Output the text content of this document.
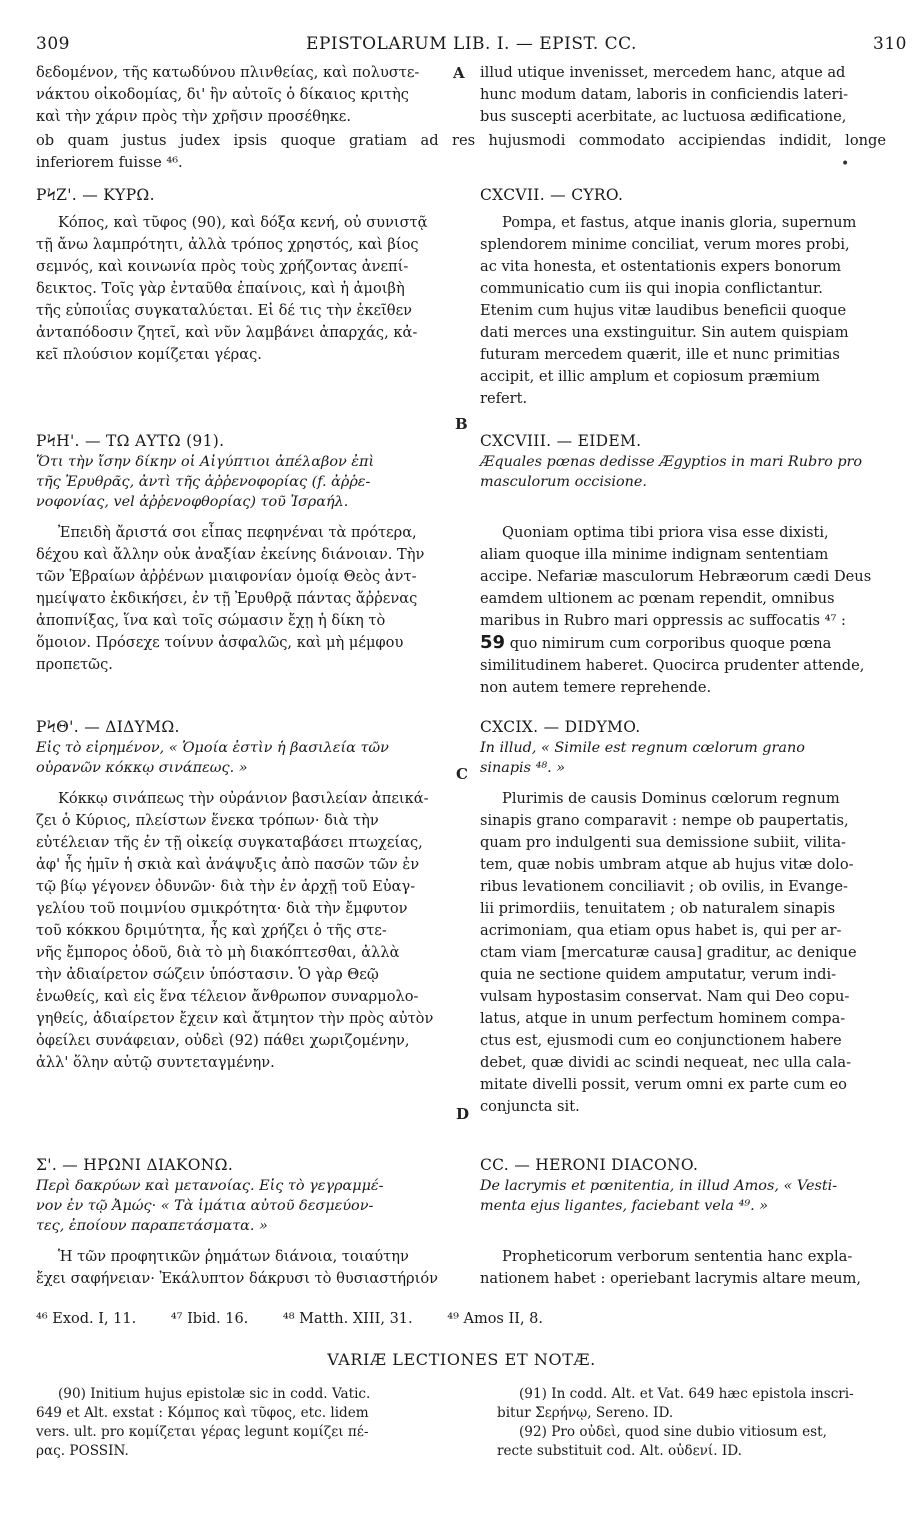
309	EPISTOLARUM LIB. I. — EPIST. CC.	310
A
B
C
D

δεδομένον, τῆς κατωδύνου πλινθείας, καὶ πολυστε-

νάκτου οἰκοδομίας, δι' ἣν αὐτοῖς ὁ δίκαιος κριτὴς

καὶ τὴν χάριν πρὸς τὴν χρῆσιν προσέθηκε.

illud utique invenisset, mercedem hanc, atque ad

hunc modum datam, laboris in conficiendis lateri-

bus suscepti acerbitate, ac luctuosa ædificatione,

ob quam justus judex ipsis quoque gratiam ad res hujusmodi commodato accipiendas indidit, longe
inferiorem fuisse ⁴⁶.	•

ΡϞΖ'. — ΚΥΡΩ.

Κόπος, καὶ τῦφος (90), καὶ δόξα κενή, οὐ συνιστᾷ

τῇ ἄνω λαμπρότητι, ἀλλὰ τρόπος χρηστός, καὶ βίος

σεμνός, καὶ κοινωνία πρὸς τοὺς χρήζοντας ἀνεπί-

δεικτος. Τοῖς γὰρ ἐνταῦθα ἐπαίνοις, καὶ ἡ ἀμοιβὴ

τῆς εὐποιΐας συγκαταλύεται. Εἰ δέ τις τὴν ἐκεῖθεν

ἀνταπόδοσιν ζητεῖ, καὶ νῦν λαμβάνει ἀπαρχάς, κἀ-

κεῖ πλούσιον κομίζεται γέρας.

CXCVII. — CYRO.

Pompa, et fastus, atque inanis gloria, supernum

splendorem minime conciliat, verum mores probi,

ac vita honesta, et ostentationis expers bonorum

communicatio cum iis qui inopia conflictantur.

Etenim cum hujus vitæ laudibus beneficii quoque

dati merces una exstinguitur. Sin autem quispiam

futuram mercedem quærit, ille et nunc primitias

accipit, et illic amplum et copiosum præmium

refert.

ΡϞΗ'. — ΤΩ ΑΥΤΩ (91).

Ὅτι τὴν ἴσην δίκην οἱ Αἰγύπτιοι ἀπέλαβον ἐπὶ

τῆς Ἐρυθρᾶς, ἀντὶ τῆς ἀῤῥενοφορίας (f. ἀῤῥε-

νοφονίας, vel ἀῤῥενοφθορίας) τοῦ Ἰσραήλ.

Ἐπειδὴ ἄριστά σοι εἶπας πεφηνέναι τὰ πρότερα,

δέχου καὶ ἄλλην οὐκ ἀναξίαν ἐκείνης διάνοιαν. Τὴν

τῶν Ἑβραίων ἀῤῥένων μιαιφονίαν ὁμοίᾳ Θεὸς ἀντ-

ημείψατο ἐκδικήσει, ἐν τῇ Ἐρυθρᾷ πάντας ἄῤῥενας

ἀποπνίξας, ἵνα καὶ τοῖς σώμασιν ἔχῃ ἡ δίκη τὸ

ὅμοιον. Πρόσεχε τοίνυν ἀσφαλῶς, καὶ μὴ μέμφου

προπετῶς.

CXCVIII. — EIDEM.

Æquales pœnas dedisse Ægyptios in mari Rubro pro

masculorum occisione.

Quoniam optima tibi priora visa esse dixisti,

aliam quoque illa minime indignam sententiam

accipe. Nefariæ masculorum Hebræorum cædi Deus

eamdem ultionem ac pœnam rependit, omnibus

maribus in Rubro mari oppressis ac suffocatis ⁴⁷ :

59 quo nimirum cum corporibus quoque pœna

similitudinem haberet. Quocirca prudenter attende,

non autem temere reprehende.

ΡϞΘ'. — ΔΙΔΥΜΩ.

Εἰς τὸ εἰρημένον, « Ὁμοία ἐστὶν ἡ βασιλεία τῶν

οὐρανῶν κόκκῳ σινάπεως. »

Κόκκῳ σινάπεως τὴν οὐράνιον βασιλείαν ἀπεικά-

ζει ὁ Κύριος, πλείστων ἕνεκα τρόπων· διὰ τὴν

εὐτέλειαν τῆς ἐν τῇ οἰκείᾳ συγκαταβάσει πτωχείας,

ἀφ' ἧς ἡμῖν ἡ σκιὰ καὶ ἀνάψυξις ἀπὸ πασῶν τῶν ἐν

τῷ βίῳ γέγονεν ὀδυνῶν· διὰ τὴν ἐν ἀρχῇ τοῦ Εὐαγ-

γελίου τοῦ ποιμνίου σμικρότητα· διὰ τὴν ἔμφυτον

τοῦ κόκκου δριμύτητα, ἧς καὶ χρήζει ὁ τῆς στε-

νῆς ἔμπορος ὁδοῦ, διὰ τὸ μὴ διακόπτεσθαι, ἀλλὰ

τὴν ἀδιαίρετον σώζειν ὑπόστασιν. Ὁ γὰρ Θεῷ

ἑνωθείς, καὶ εἰς ἕνα τέλειον ἄνθρωπον συναρμολο-

γηθείς, ἀδιαίρετον ἔχειν καὶ ἄτμητον τὴν πρὸς αὐτὸν

ὀφείλει συνάφειαν, οὐδεὶ (92) πάθει χωριζομένην,

ἀλλ' ὅλην αὐτῷ συντεταγμένην.

CXCIX. — DIDYMO.

In illud, « Simile est regnum cœlorum grano

sinapis ⁴⁸. »

Plurimis de causis Dominus cœlorum regnum

sinapis grano comparavit : nempe ob paupertatis,

quam pro indulgenti sua demissione subiit, vilita-

tem, quæ nobis umbram atque ab hujus vitæ dolo-

ribus levationem conciliavit ; ob ovilis, in Evange-

lii primordiis, tenuitatem ; ob naturalem sinapis

acrimoniam, qua etiam opus habet is, qui per ar-

ctam viam [mercaturæ causa] graditur, ac denique

quia ne sectione quidem amputatur, verum indi-

vulsam hypostasim conservat. Nam qui Deo copu-

latus, atque in unum perfectum hominem compa-

ctus est, ejusmodi cum eo conjunctionem habere

debet, quæ dividi ac scindi nequeat, nec ulla cala-

mitate divelli possit, verum omni ex parte cum eo

conjuncta sit.

Σ'. — ΗΡΩΝΙ ΔΙΑΚΟΝΩ.

Περὶ δακρύων καὶ μετανοίας. Εἰς τὸ γεγραμμέ-

νον ἐν τῷ Ἀμώς· « Τὰ ἱμάτια αὐτοῦ δεσμεύον-

τες, ἐποίουν παραπετάσματα. »

Ἡ τῶν προφητικῶν ῥημάτων διάνοια, τοιαύτην

ἔχει σαφήνειαν· Ἐκάλυπτον δάκρυσι τὸ θυσιαστήριόν

CC. — HERONI DIACONO.

De lacrymis et pœnitentia, in illud Amos, « Vesti-

menta ejus ligantes, faciebant vela ⁴⁹. »

Propheticorum verborum sententia hanc expla-

nationem habet : operiebant lacrymis altare meum,

⁴⁶ Exod. I, 11. ⁴⁷ Ibid. 16. ⁴⁸ Matth. XIII, 31. ⁴⁹ Amos II, 8.
VARIÆ LECTIONES ET NOTÆ.

(90) Initium hujus epistolæ sic in codd. Vatic.

649 et Alt. exstat : Κόμπος καὶ τῦφος, etc. lidem
vers. ult. pro κομίζεται γέρας legunt κομίζει πέ-
ρας. POSSIN.

(91) In codd. Alt. et Vat. 649 hæc epistola inscri-

bitur Σερήνῳ, Sereno. ID.

(92) Pro οὐδεὶ, quod sine dubio vitiosum est,

recte substituit cod. Alt. οὐδενί. ID.
